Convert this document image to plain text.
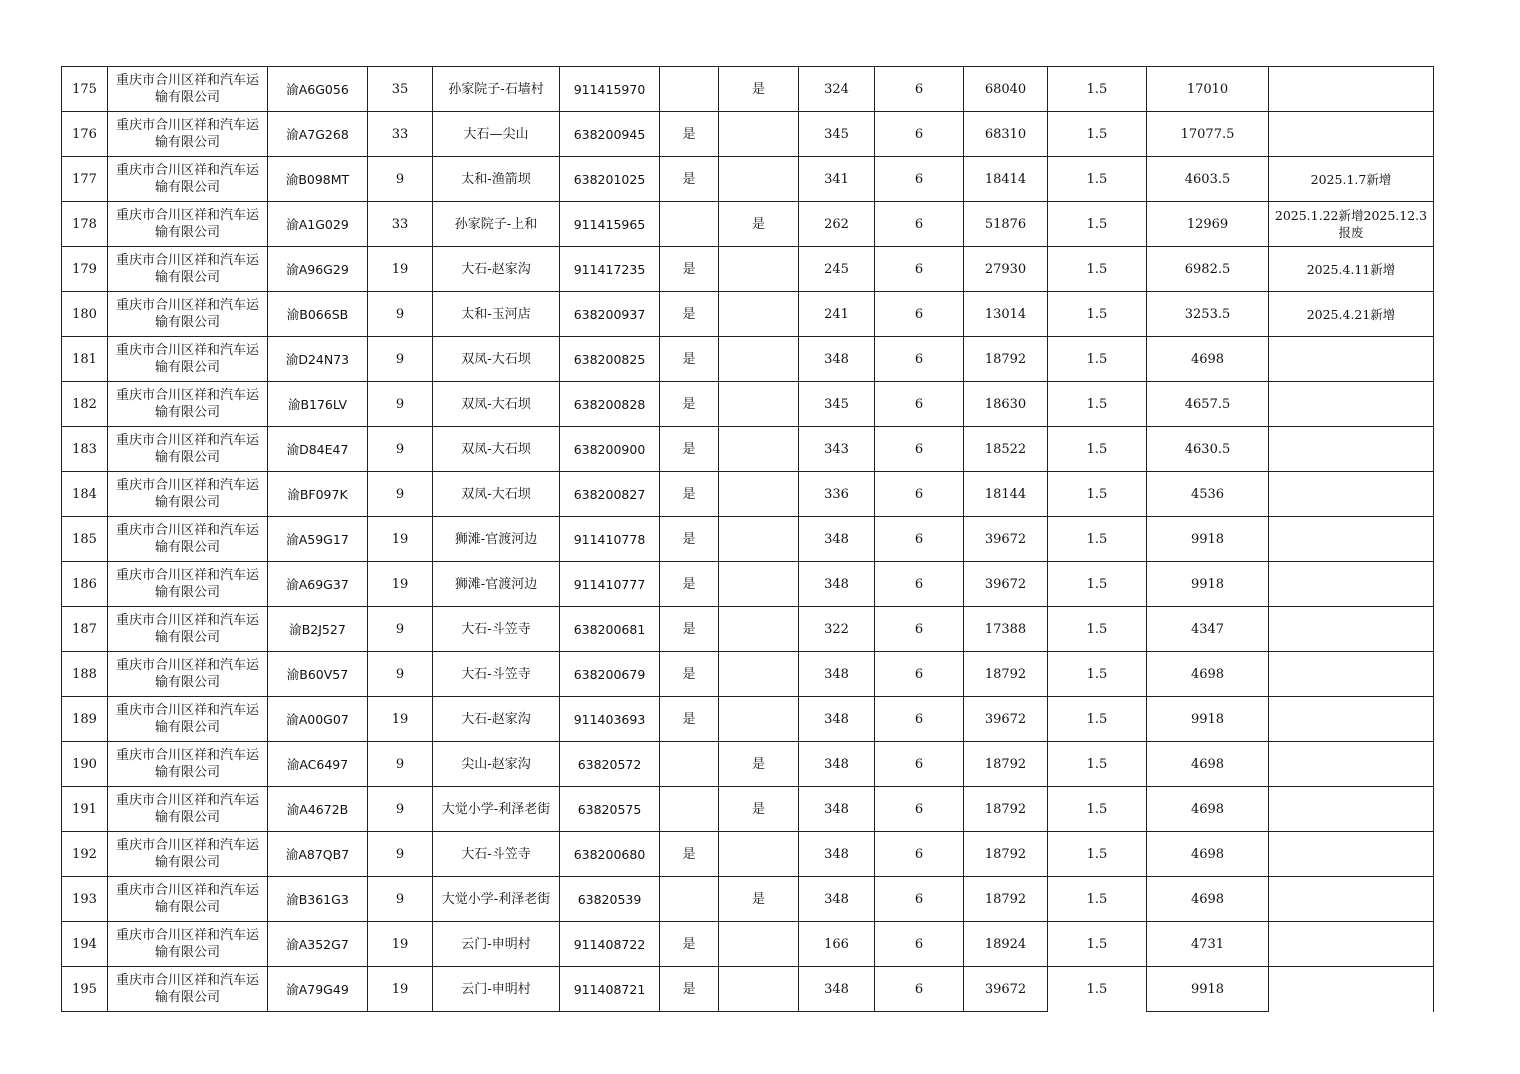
175	重庆市合川区祥和汽车运输有限公司	渝A6G056	35	孙家院子-石墙村	911415970		是	324	6	68040	1.5	17010	
176	重庆市合川区祥和汽车运输有限公司	渝A7G268	33	大石—尖山	638200945	是		345	6	68310	1.5	17077.5	
177	重庆市合川区祥和汽车运输有限公司	渝B098MT	9	太和-渔箭坝	638201025	是		341	6	18414	1.5	4603.5	2025.1.7新增
178	重庆市合川区祥和汽车运输有限公司	渝A1G029	33	孙家院子-上和	911415965		是	262	6	51876	1.5	12969	2025.1.22新增2025.12.3报废
179	重庆市合川区祥和汽车运输有限公司	渝A96G29	19	大石-赵家沟	911417235	是		245	6	27930	1.5	6982.5	2025.4.11新增
180	重庆市合川区祥和汽车运输有限公司	渝B066SB	9	太和-玉河店	638200937	是		241	6	13014	1.5	3253.5	2025.4.21新增
181	重庆市合川区祥和汽车运输有限公司	渝D24N73	9	双凤-大石坝	638200825	是		348	6	18792	1.5	4698	
182	重庆市合川区祥和汽车运输有限公司	渝B176LV	9	双凤-大石坝	638200828	是		345	6	18630	1.5	4657.5	
183	重庆市合川区祥和汽车运输有限公司	渝D84E47	9	双凤-大石坝	638200900	是		343	6	18522	1.5	4630.5	
184	重庆市合川区祥和汽车运输有限公司	渝BF097K	9	双凤-大石坝	638200827	是		336	6	18144	1.5	4536	
185	重庆市合川区祥和汽车运输有限公司	渝A59G17	19	狮滩-官渡河边	911410778	是		348	6	39672	1.5	9918	
186	重庆市合川区祥和汽车运输有限公司	渝A69G37	19	狮滩-官渡河边	911410777	是		348	6	39672	1.5	9918	
187	重庆市合川区祥和汽车运输有限公司	渝B2J527	9	大石-斗笠寺	638200681	是		322	6	17388	1.5	4347	
188	重庆市合川区祥和汽车运输有限公司	渝B60V57	9	大石-斗笠寺	638200679	是		348	6	18792	1.5	4698	
189	重庆市合川区祥和汽车运输有限公司	渝A00G07	19	大石-赵家沟	911403693	是		348	6	39672	1.5	9918	
190	重庆市合川区祥和汽车运输有限公司	渝AC6497	9	尖山-赵家沟	63820572		是	348	6	18792	1.5	4698	
191	重庆市合川区祥和汽车运输有限公司	渝A4672B	9	大觉小学-利泽老街	63820575		是	348	6	18792	1.5	4698	
192	重庆市合川区祥和汽车运输有限公司	渝A87QB7	9	大石-斗笠寺	638200680	是		348	6	18792	1.5	4698	
193	重庆市合川区祥和汽车运输有限公司	渝B361G3	9	大觉小学-利泽老街	63820539		是	348	6	18792	1.5	4698	
194	重庆市合川区祥和汽车运输有限公司	渝A352G7	19	云门-申明村	911408722	是		166	6	18924	1.5	4731	
195	重庆市合川区祥和汽车运输有限公司	渝A79G49	19	云门-申明村	911408721	是		348	6	39672	1.5	9918	
